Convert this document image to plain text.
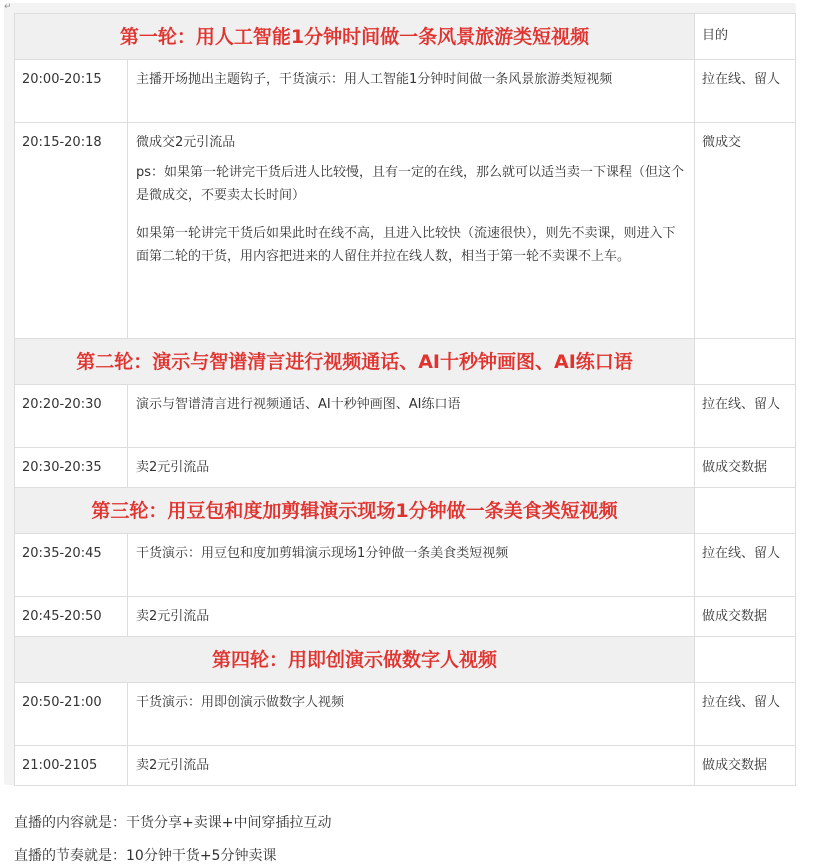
↵
第一轮：用人工智能1分钟时间做一条风景旅游类短视频		目的
20:00-20:15	主播开场抛出主题钩子，干货演示：用人工智能1分钟时间做一条风景旅游类短视频	拉在线、留人
20:15-20:18	微成交2元引流品

ps：如果第一轮讲完干货后进人比较慢，且有一定的在线，那么就可以适当卖一下课程（但这个是微成交，不要卖太长时间）

如果第一轮讲完干货后如果此时在线不高，且进入比较快（流速很快），则先不卖课，则进入下面第二轮的干货，用内容把进来的人留住并拉在线人数，相当于第一轮不卖课不上车。	微成交
第二轮：演示与智谱清言进行视频通话、AI十秒钟画图、AI练口语		
20:20-20:30	演示与智谱清言进行视频通话、AI十秒钟画图、AI练口语	拉在线、留人
20:30-20:35	卖2元引流品	做成交数据
第三轮：用豆包和度加剪辑演示现场1分钟做一条美食类短视频		
20:35-20:45	干货演示：用豆包和度加剪辑演示现场1分钟做一条美食类短视频	拉在线、留人
20:45-20:50	卖2元引流品	做成交数据
第四轮：用即创演示做数字人视频		
20:50-21:00	干货演示：用即创演示做数字人视频	拉在线、留人
21:00-2105	卖2元引流品	做成交数据
直播的内容就是：干货分享+卖课+中间穿插拉互动
直播的节奏就是：10分钟干货+5分钟卖课
